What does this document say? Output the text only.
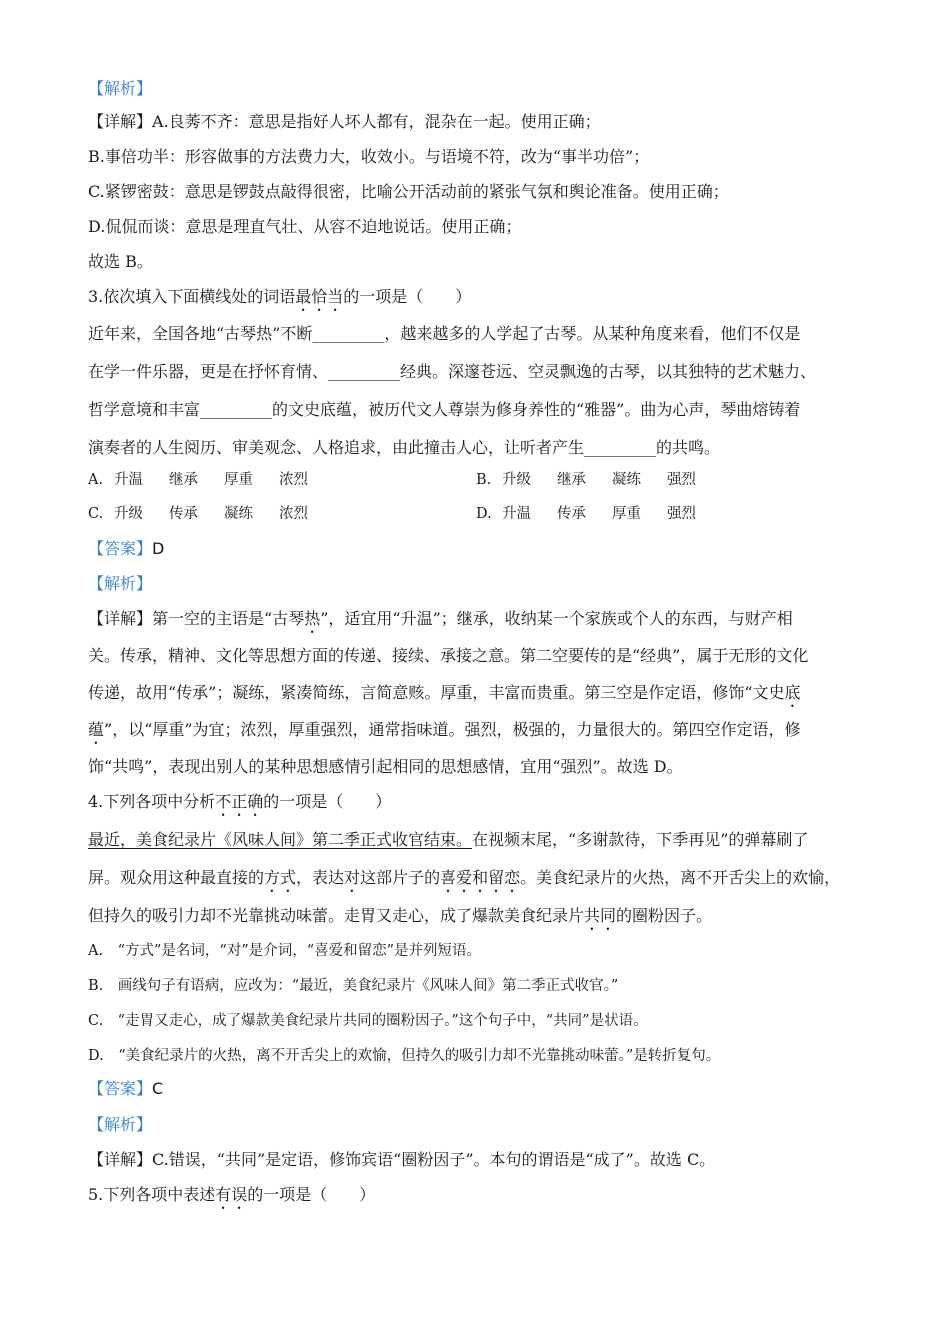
【解析】
【详解】A.良莠不齐：意思是指好人坏人都有，混杂在一起。使用正确；
B.事倍功半：形容做事的方法费力大，收效小。与语境不符，改为“事半功倍”；
C.紧锣密鼓：意思是锣鼓点敲得很密，比喻公开活动前的紧张气氛和舆论准备。使用正确；
D.侃侃而谈：意思是理直气壮、从容不迫地说话。使用正确；
故选 B。
3.依次填入下面横线处的词语最恰当的一项是（　　）
近年来，全国各地“古琴热”不断_________，越来越多的人学起了古琴。从某种角度来看，他们不仅是
在学一件乐器，更是在抒怀育情、_________经典。深邃苍远、空灵飘逸的古琴，以其独特的艺术魅力、
哲学意境和丰富_________的文史底蕴，被历代文人尊崇为修身养性的“雅器”。曲为心声，琴曲熔铸着
演奏者的人生阅历、审美观念、人格追求，由此撞击人心，让听者产生_________的共鸣。
A. 升温 继承 厚重 浓烈	B. 升级 继承 凝练 强烈
C. 升级 传承 凝练 浓烈	D. 升温 传承 厚重 强烈
【答案】D
【解析】
【详解】第一空的主语是“古琴热”，适宜用“升温”；继承，收纳某一个家族或个人的东西，与财产相
关。传承，精神、文化等思想方面的传递、接续、承接之意。第二空要传的是“经典”，属于无形的文化
传递，故用“传承”；凝练，紧凑简练，言简意赅。厚重，丰富而贵重。第三空是作定语，修饰“文史底
蕴”，以“厚重”为宜；浓烈，厚重强烈，通常指味道。强烈，极强的，力量很大的。第四空作定语，修
饰“共鸣”，表现出别人的某种思想感情引起相同的思想感情，宜用“强烈”。故选 D。
4.下列各项中分析不正确的一项是（　　）
最近，美食纪录片《风味人间》第二季正式收官结束。在视频末尾，“多谢款待，下季再见”的弹幕刷了
屏。观众用这种最直接的方式，表达对这部片子的喜爱和留恋。美食纪录片的火热，离不开舌尖上的欢愉，
但持久的吸引力却不光靠挑动味蕾。走胃又走心，成了爆款美食纪录片共同的圈粉因子。
A.　“方式”是名词，“对”是介词，“喜爱和留恋”是并列短语。
B.　画线句子有语病，应改为：“最近，美食纪录片《风味人间》第二季正式收官。”
C.　“走胃又走心，成了爆款美食纪录片共同的圈粉因子。”这个句子中，“共同”是状语。
D.　“美食纪录片的火热，离不开舌尖上的欢愉，但持久的吸引力却不光靠挑动味蕾。”是转折复句。
【答案】C
【解析】
【详解】C.错误，“共同”是定语，修饰宾语“圈粉因子”。本句的谓语是“成了”。故选 C。
5.下列各项中表述有误的一项是（　　）
